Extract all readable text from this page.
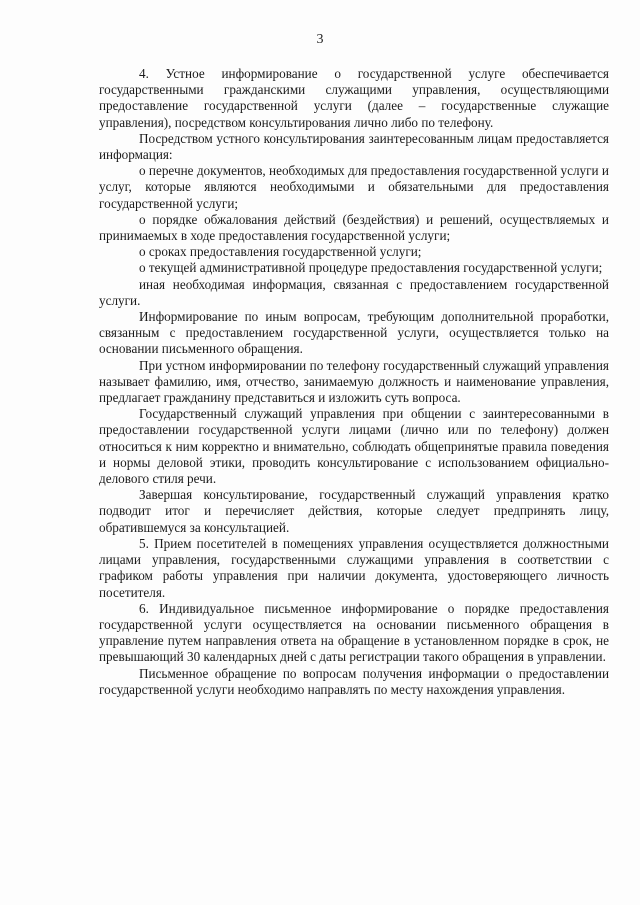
3

4. Устное информирование о государственной услуге обеспечивается государственными гражданскими служащими управления, осуществляющими предоставление государственной услуги (далее – государственные служащие управления), посредством консультирования лично либо по телефону.

Посредством устного консультирования заинтересованным лицам предоставляется информация:

о перечне документов, необходимых для предоставления государственной услуги и услуг, которые являются необходимыми и обязательными для предоставления государственной услуги;

о порядке обжалования действий (бездействия) и решений, осуществляемых и принимаемых в ходе предоставления государственной услуги;

о сроках предоставления государственной услуги;

о текущей административной процедуре предоставления государственной услуги;

иная необходимая информация, связанная с предоставлением государственной услуги.

Информирование по иным вопросам, требующим дополнительной проработки, связанным с предоставлением государственной услуги, осуществляется только на основании письменного обращения.

При устном информировании по телефону государственный служащий управления называет фамилию, имя, отчество, занимаемую должность и наименование управления, предлагает гражданину представиться и изложить суть вопроса.

Государственный служащий управления при общении с заинтересованными в предоставлении государственной услуги лицами (лично или по телефону) должен относиться к ним корректно и внимательно, соблюдать общепринятые правила поведения и нормы деловой этики, проводить консультирование с использованием официально-делового стиля речи.

Завершая консультирование, государственный служащий управления кратко подводит итог и перечисляет действия, которые следует предпринять лицу, обратившемуся за консультацией.

5. Прием посетителей в помещениях управления осуществляется должностными лицами управления, государственными служащими управления в соответствии с графиком работы управления при наличии документа, удостоверяющего личность посетителя.

6. Индивидуальное письменное информирование о порядке предоставления государственной услуги осуществляется на основании письменного обращения в управление путем направления ответа на обращение в установленном порядке в срок, не превышающий 30 календарных дней с даты регистрации такого обращения в управлении.

Письменное обращение по вопросам получения информации о предоставлении государственной услуги необходимо направлять по месту нахождения управления.
